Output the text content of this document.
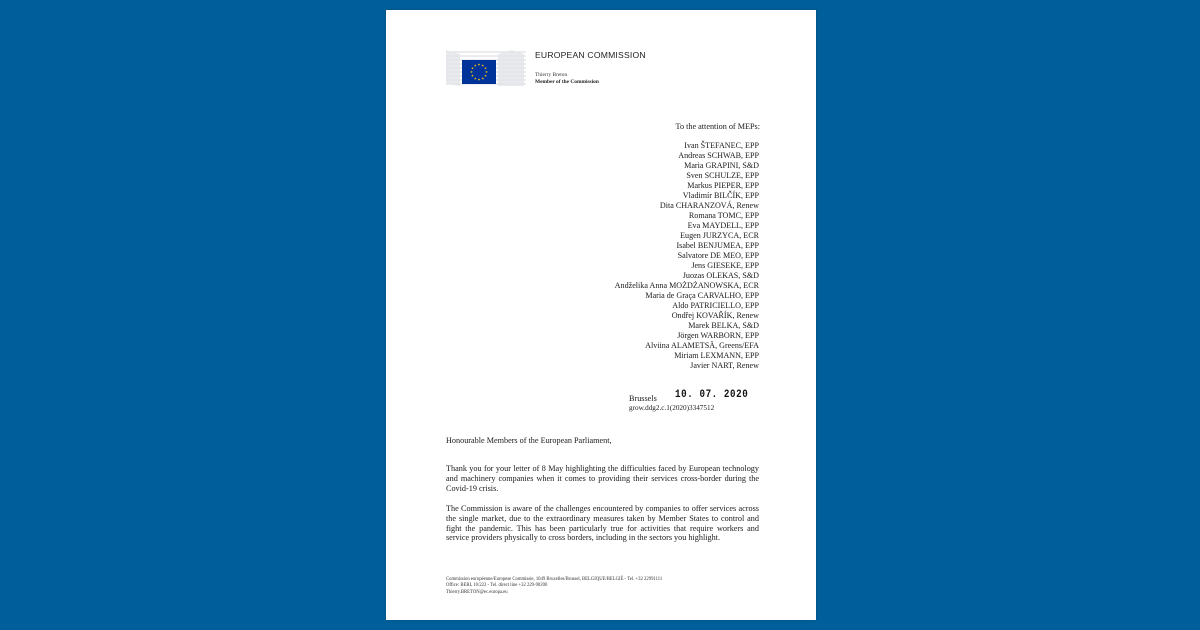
EUROPEAN COMMISSION
Thierry Breton
Member of the Commission
To the attention of MEPs:
Ivan ŠTEFANEC, EPP
Andreas SCHWAB, EPP
Maria GRAPINI, S&D
Sven SCHULZE, EPP
Markus PIEPER, EPP
Vladimír BILČÍK, EPP
Dita CHARANZOVÁ, Renew
Romana TOMC, EPP
Eva MAYDELL, EPP
Eugen JURZYCA, ECR
Isabel BENJUMEA, EPP
Salvatore DE MEO, EPP
Jens GIESEKE, EPP
Juozas OLEKAS, S&D
Andželika Anna MOŻDŻANOWSKA, ECR
Maria de Graça CARVALHO, EPP
Aldo PATRICIELLO, EPP
Ondřej KOVAŘÍK, Renew
Marek BELKA, S&D
Jörgen WARBORN, EPP
Alviina ALAMETSÄ, Greens/EFA
Miriam LEXMANN, EPP
Javier NART, Renew
Brussels 10. 07. 2020
grow.ddg2.c.1(2020)3347512
Honourable Members of the European Parliament,

Thank you for your letter of 8 May highlighting the difficulties faced by European technology and machinery companies when it comes to providing their services cross-border during the Covid-19 crisis.

The Commission is aware of the challenges encountered by companies to offer services across the single market, due to the extraordinary measures taken by Member States to control and fight the pandemic. This has been particularly true for activities that require workers and service providers physically to cross borders, including in the sectors you highlight.

Commission européenne/Europese Commissie, 1049 Bruxelles/Brussel, BELGIQUE/BELGIË - Tel. +32 22991111
Office: BERL 10/222 - Tel. direct line +32 229-90200
Thierry.BRETON@ec.europa.eu
